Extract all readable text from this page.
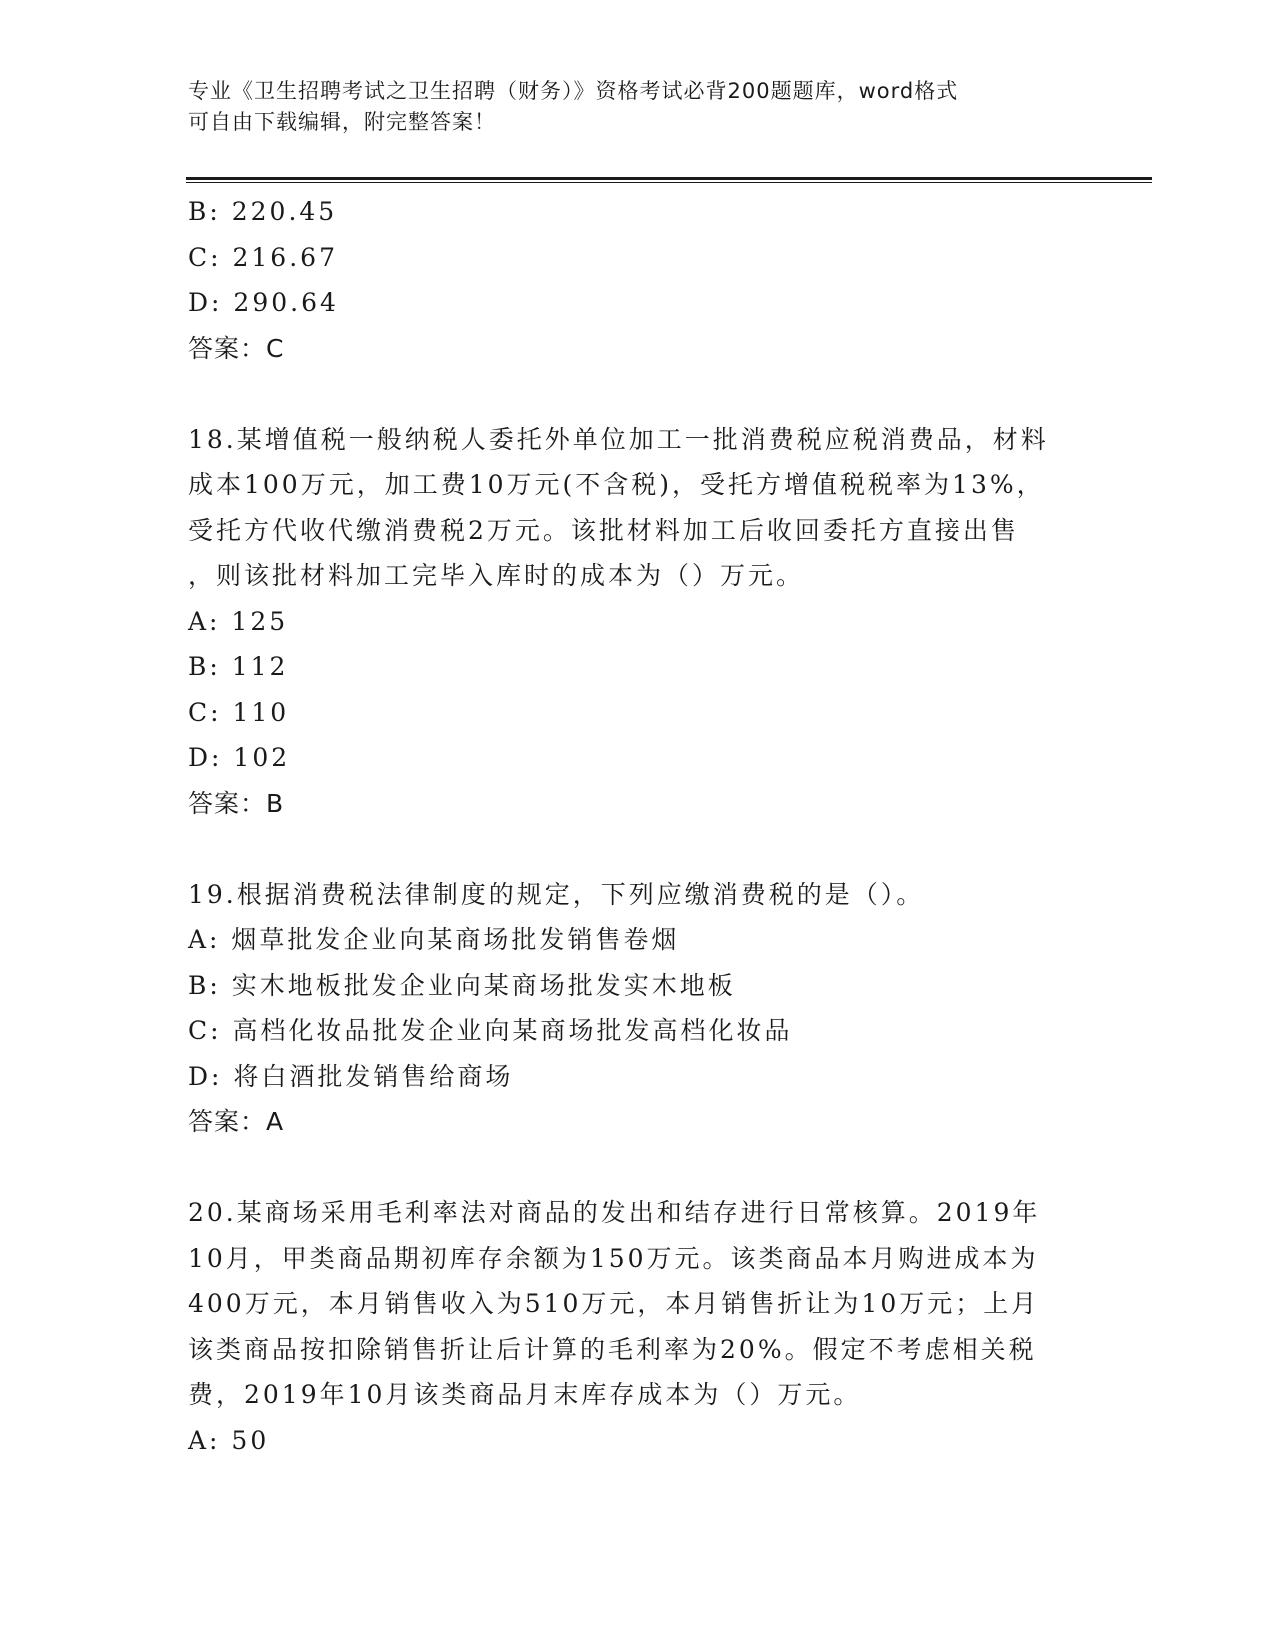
专业《卫生招聘考试之卫生招聘（财务）》资格考试必背200题题库，word格式
可自由下载编辑，附完整答案！
B: 220.45
C: 216.67
D: 290.64
答案：C
18.某增值税一般纳税人委托外单位加工一批消费税应税消费品，材料
成本100万元，加工费10万元(不含税)，受托方增值税税率为13%，
受托方代收代缴消费税2万元。该批材料加工后收回委托方直接出售
，则该批材料加工完毕入库时的成本为（）万元。
A: 125
B: 112
C: 110
D: 102
答案：B
19.根据消费税法律制度的规定，下列应缴消费税的是（）。
A: 烟草批发企业向某商场批发销售卷烟
B: 实木地板批发企业向某商场批发实木地板
C: 高档化妆品批发企业向某商场批发高档化妆品
D: 将白酒批发销售给商场
答案：A
20.某商场采用毛利率法对商品的发出和结存进行日常核算。2019年
10月，甲类商品期初库存余额为150万元。该类商品本月购进成本为
400万元，本月销售收入为510万元，本月销售折让为10万元；上月
该类商品按扣除销售折让后计算的毛利率为20%。假定不考虑相关税
费，2019年10月该类商品月末库存成本为（）万元。
A: 50
